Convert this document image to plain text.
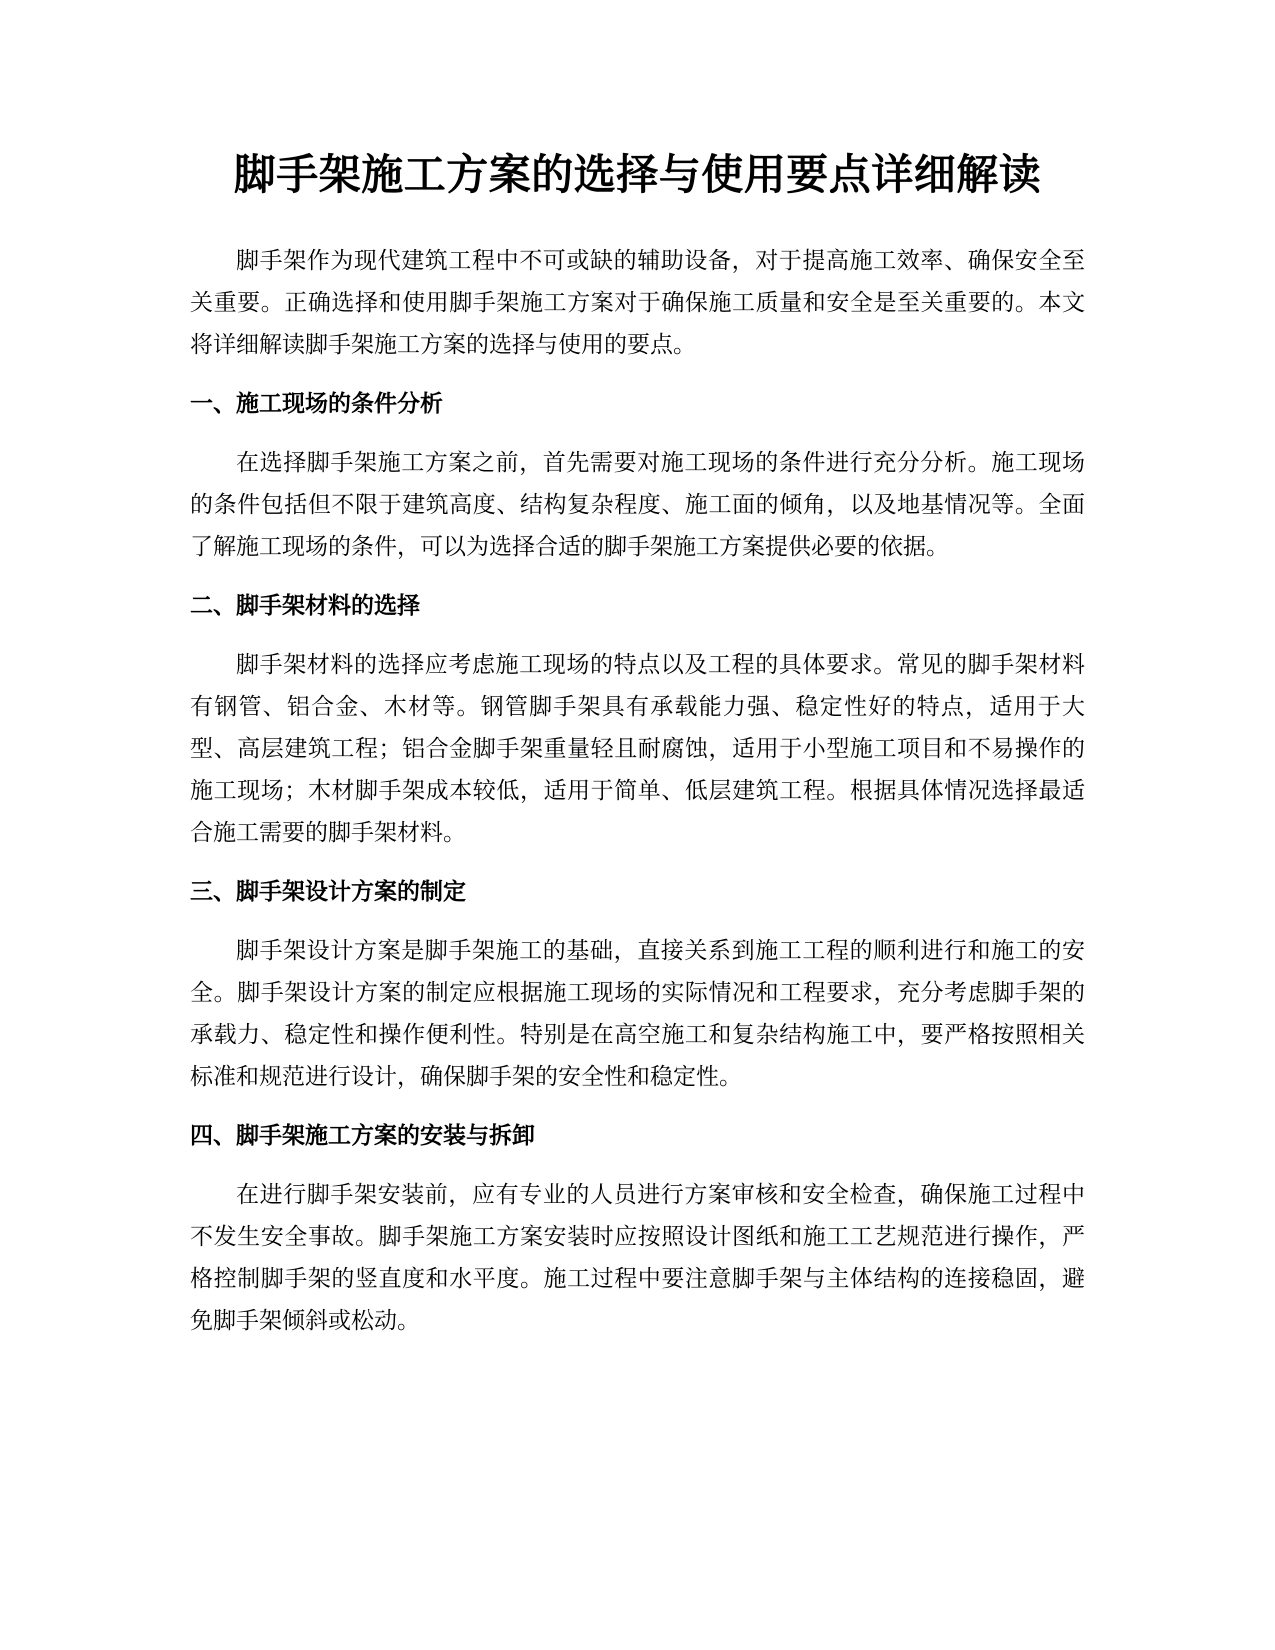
脚手架施工方案的选择与使用要点详细解读

脚手架作为现代建筑工程中不可或缺的辅助设备，对于提高施工效率、确保安全至关重要。正确选择和使用脚手架施工方案对于确保施工质量和安全是至关重要的。本文将详细解读脚手架施工方案的选择与使用的要点。

一、施工现场的条件分析

在选择脚手架施工方案之前，首先需要对施工现场的条件进行充分分析。施工现场的条件包括但不限于建筑高度、结构复杂程度、施工面的倾角，以及地基情况等。全面了解施工现场的条件，可以为选择合适的脚手架施工方案提供必要的依据。

二、脚手架材料的选择

脚手架材料的选择应考虑施工现场的特点以及工程的具体要求。常见的脚手架材料有钢管、铝合金、木材等。钢管脚手架具有承载能力强、稳定性好的特点，适用于大型、高层建筑工程；铝合金脚手架重量轻且耐腐蚀，适用于小型施工项目和不易操作的施工现场；木材脚手架成本较低，适用于简单、低层建筑工程。根据具体情况选择最适合施工需要的脚手架材料。

三、脚手架设计方案的制定

脚手架设计方案是脚手架施工的基础，直接关系到施工工程的顺利进行和施工的安全。脚手架设计方案的制定应根据施工现场的实际情况和工程要求，充分考虑脚手架的承载力、稳定性和操作便利性。特别是在高空施工和复杂结构施工中，要严格按照相关标准和规范进行设计，确保脚手架的安全性和稳定性。

四、脚手架施工方案的安装与拆卸

在进行脚手架安装前，应有专业的人员进行方案审核和安全检查，确保施工过程中不发生安全事故。脚手架施工方案安装时应按照设计图纸和施工工艺规范进行操作，严格控制脚手架的竖直度和水平度。施工过程中要注意脚手架与主体结构的连接稳固，避免脚手架倾斜或松动。
